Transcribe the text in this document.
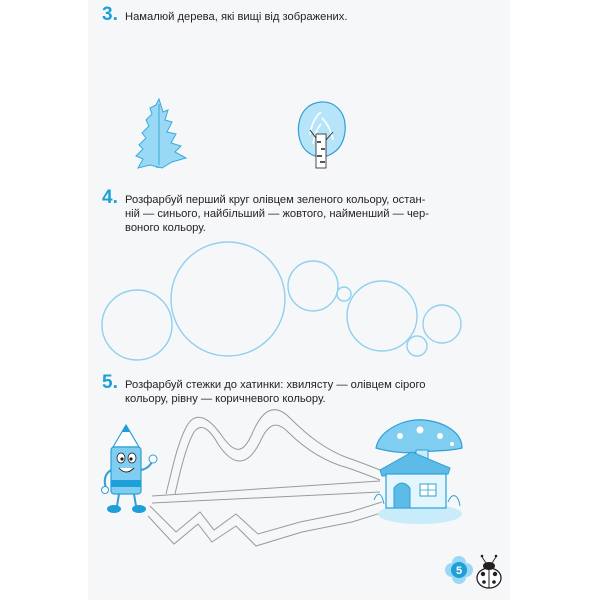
3. Намалюй дерева, які вищі від зображених.
4. Розфарбуй перший круг олівцем зеленого кольору, остан-
ній — синього, найбільший — жовтого, найменший — чер-
воного кольору.
5. Розфарбуй стежки до хатинки: хвилясту — олівцем сірого
кольору, рівну — коричневого кольору.
5
